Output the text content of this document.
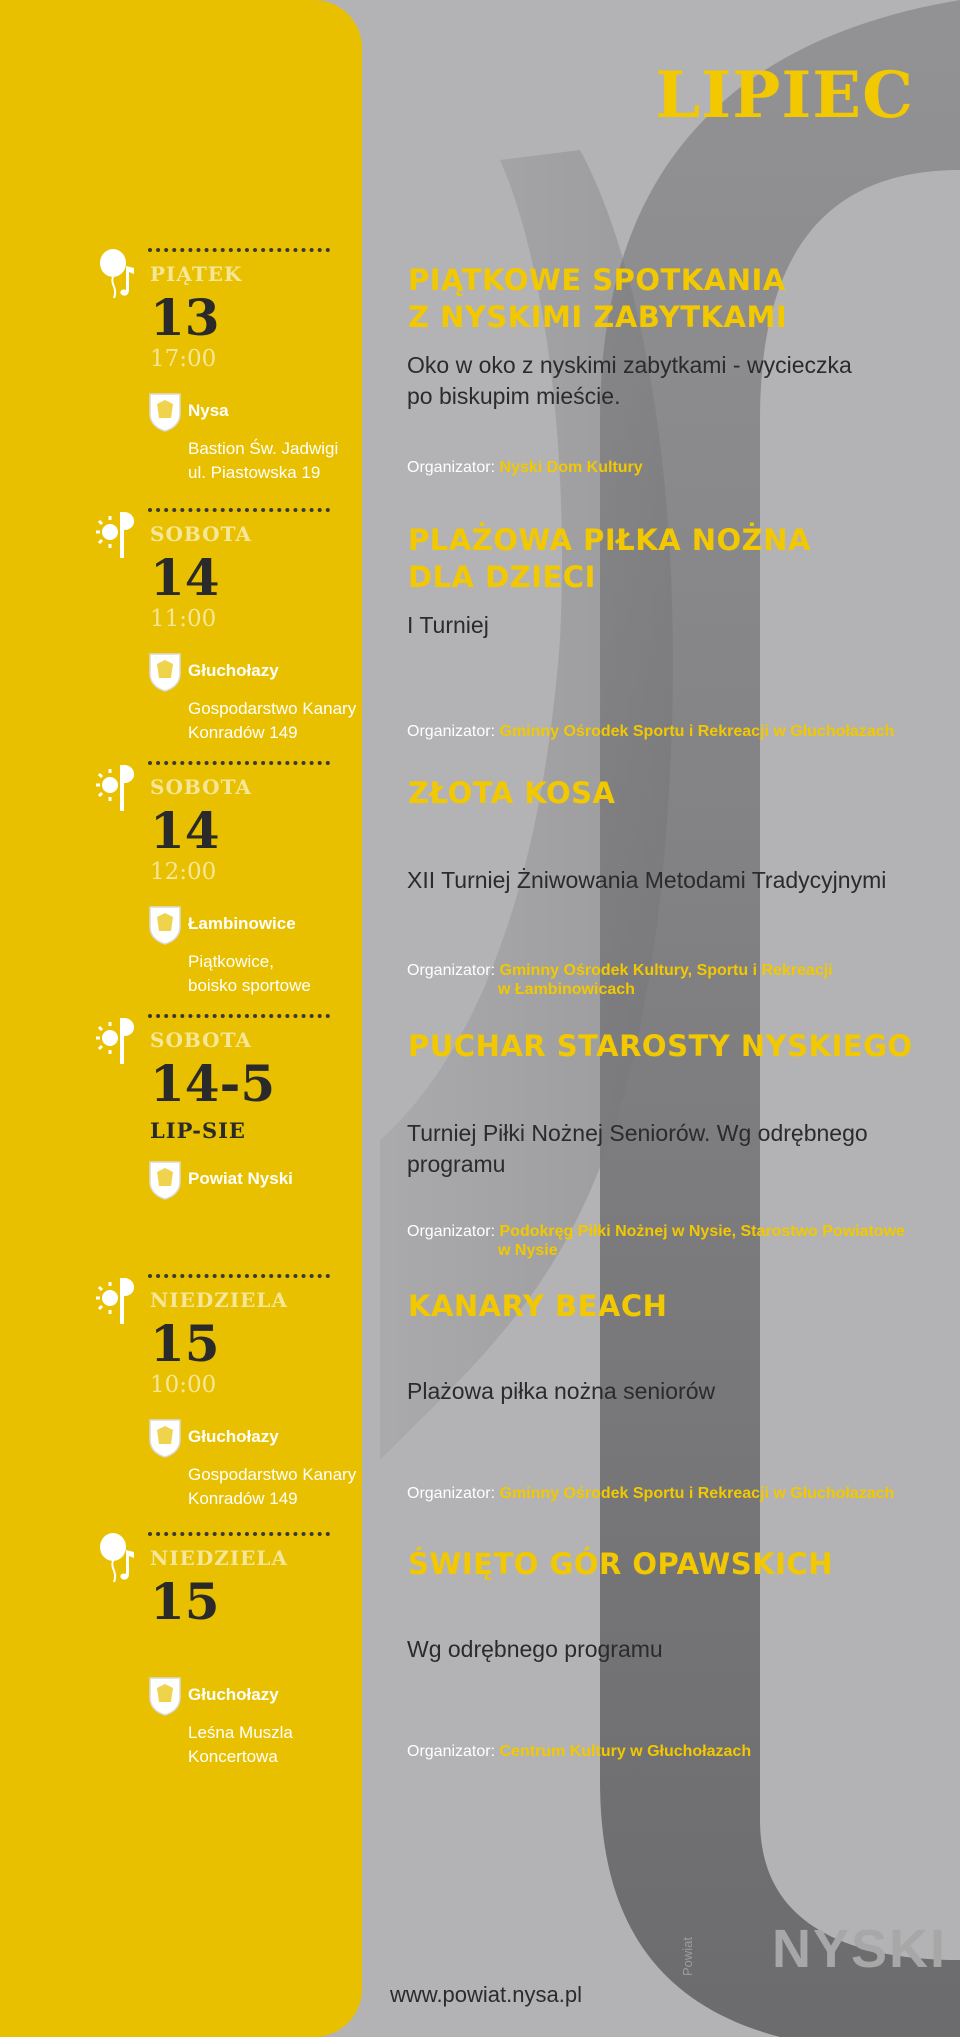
LIPIEC
PIĄTEK
13
17:00
Nysa
Bastion Św. Jadwigi
ul. Piastowska 19
PIĄTKOWE SPOTKANIA
Z NYSKIMI ZABYTKAMI
Oko w oko z nyskimi zabytkami - wycieczka
po biskupim mieście.
Organizator: Nyski Dom Kultury
SOBOTA
14
11:00
Głuchołazy
Gospodarstwo Kanary
Konradów 149
PLAŻOWA PIŁKA NOŻNA
DLA DZIECI
I Turniej
Organizator: Gminny Ośrodek Sportu i Rekreacji w Głuchołazach
SOBOTA
14
12:00
Łambinowice
Piątkowice,
boisko sportowe
ZŁOTA KOSA
XII Turniej Żniwowania Metodami Tradycyjnymi
Organizator: Gminny Ośrodek Kultury, Sportu i Rekreacji
w Łambinowicach
SOBOTA
14-5
LIP-SIE
Powiat Nyski
PUCHAR STAROSTY NYSKIEGO
Turniej Piłki Nożnej Seniorów. Wg odrębnego programu
Organizator: Podokręg Piłki Nożnej w Nysie, Starostwo Powiatowe
w Nysie
NIEDZIELA
15
10:00
Głuchołazy
Gospodarstwo Kanary
Konradów 149
KANARY BEACH
Plażowa piłka nożna seniorów
Organizator: Gminny Ośrodek Sportu i Rekreacji w Głuchołazach
NIEDZIELA
15
Głuchołazy
Leśna Muszla
Koncertowa
ŚWIĘTO GÓR OPAWSKICH
Wg odrębnego programu
Organizator: Centrum Kultury w Głuchołazach
www.powiat.nysa.pl
Powiat NYSKI
